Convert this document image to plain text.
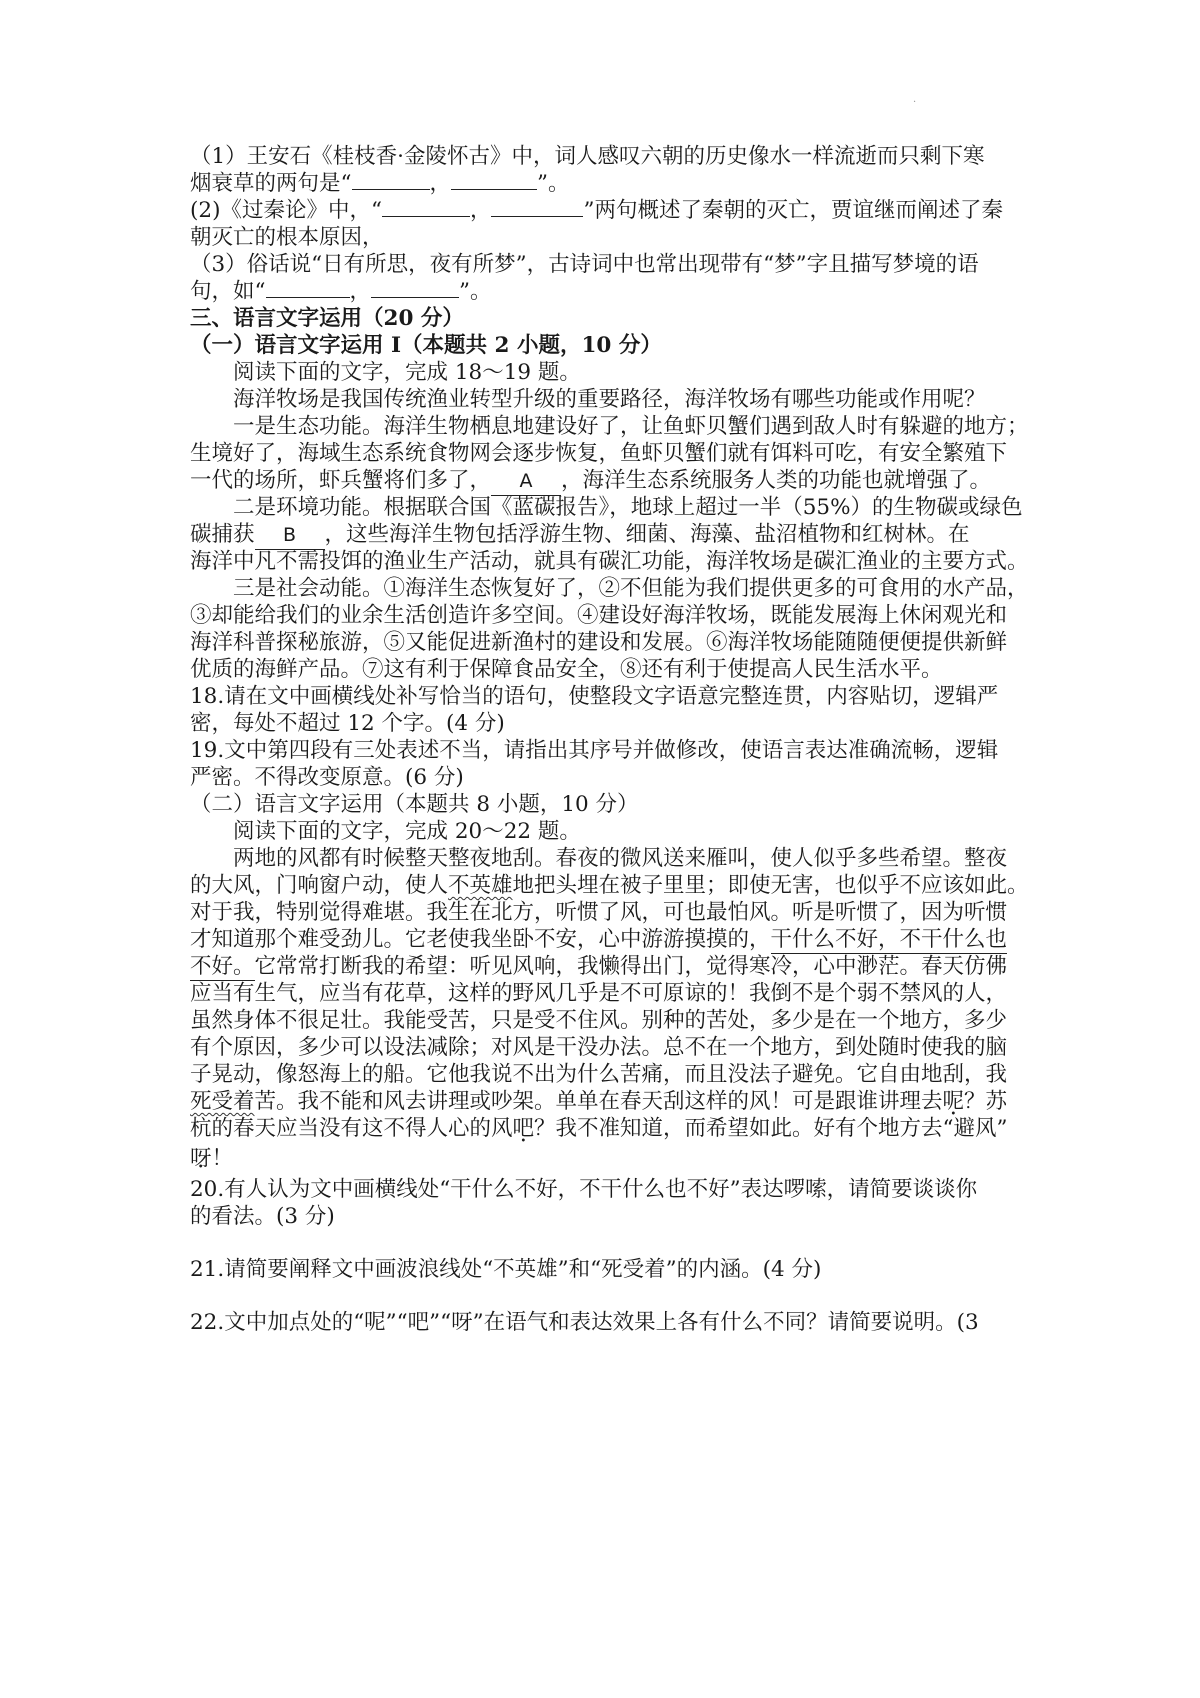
·
（1）王安石《桂枝香·金陵怀古》中，词人感叹六朝的历史像水一样流逝而只剩下寒
烟衰草的两句是“	，	”。
(2)《过秦论》中，“	，	”两句概述了秦朝的灭亡，贾谊继而阐述了秦
朝灭亡的根本原因，
（3）俗话说“日有所思，夜有所梦”，古诗词中也常出现带有“梦”字且描写梦境的语
句，如“	，	”。
三、语言文字运用（20 分）
（一）语言文字运用 I（本题共 2 小题，10 分）
阅读下面的文字，完成 18～19 题。
海洋牧场是我国传统渔业转型升级的重要路径，海洋牧场有哪些功能或作用呢？
一是生态功能。海洋生物栖息地建设好了，让鱼虾贝蟹们遇到敌人时有躲避的地方；
生境好了，海域生态系统食物网会逐步恢复，鱼虾贝蟹们就有饵料可吃，有安全繁殖下
一代的场所，虾兵蟹将们多了， A ，海洋生态系统服务人类的功能也就增强了。
二是环境功能。根据联合国《蓝碳报告》，地球上超过一半（55%）的生物碳或绿色
碳捕获 B ，这些海洋生物包括浮游生物、细菌、海藻、盐沼植物和红树林。在
海洋中凡不需投饵的渔业生产活动，就具有碳汇功能，海洋牧场是碳汇渔业的主要方式。
三是社会动能。①海洋生态恢复好了，②不但能为我们提供更多的可食用的水产品，
③却能给我们的业余生活创造许多空间。④建设好海洋牧场，既能发展海上休闲观光和
海洋科普探秘旅游，⑤又能促进新渔村的建设和发展。⑥海洋牧场能随随便便提供新鲜
优质的海鲜产品。⑦这有利于保障食品安全，⑧还有利于使提高人民生活水平。
18.请在文中画横线处补写恰当的语句，使整段文字语意完整连贯，内容贴切，逻辑严
密，每处不超过 12 个字。(4 分)
19.文中第四段有三处表述不当，请指出其序号并做修改，使语言表达准确流畅，逻辑
严密。不得改变原意。(6 分)
（二）语言文字运用（本题共 8 小题，10 分）
阅读下面的文字，完成 20～22 题。
两地的风都有时候整天整夜地刮。春夜的微风送来雁叫，使人似乎多些希望。整夜
的大风，门响窗户动，使人不英雄地把头埋在被子里里；即使无害，也似乎不应该如此。
对于我，特别觉得难堪。我生在北方，听惯了风，可也最怕风。听是听惯了，因为听惯
才知道那个难受劲儿。它老使我坐卧不安，心中游游摸摸的，干什么不好，不干什么也
不好。它常常打断我的希望：听见风响，我懒得出门，觉得寒冷，心中渺茫。春天仿佛
应当有生气，应当有花草，这样的野风几乎是不可原谅的！我倒不是个弱不禁风的人，
虽然身体不很足壮。我能受苦，只是受不住风。别种的苦处，多少是在一个地方，多少
有个原因，多少可以设法减除；对风是干没办法。总不在一个地方，到处随时使我的脑
子晃动，像怒海上的船。它他我说不出为什么苦痛，而且没法子避免。它自由地刮，我
死受着苦。我不能和风去讲理或吵架。单单在春天刮这样的风！可是跟谁讲理去呢？苏
杭的春天应当没有这不得人心的风吧？我不准知道，而希望如此。好有个地方去“避风”
呀！
20.有人认为文中画横线处“干什么不好，不干什么也不好”表达啰嗦，请简要谈谈你
的看法。(3 分)
21.请简要阐释文中画波浪线处“不英雄”和“死受着”的内涵。(4 分)
22.文中加点处的“呢”“吧”“呀”在语气和表达效果上各有什么不同？请简要说明。(3
